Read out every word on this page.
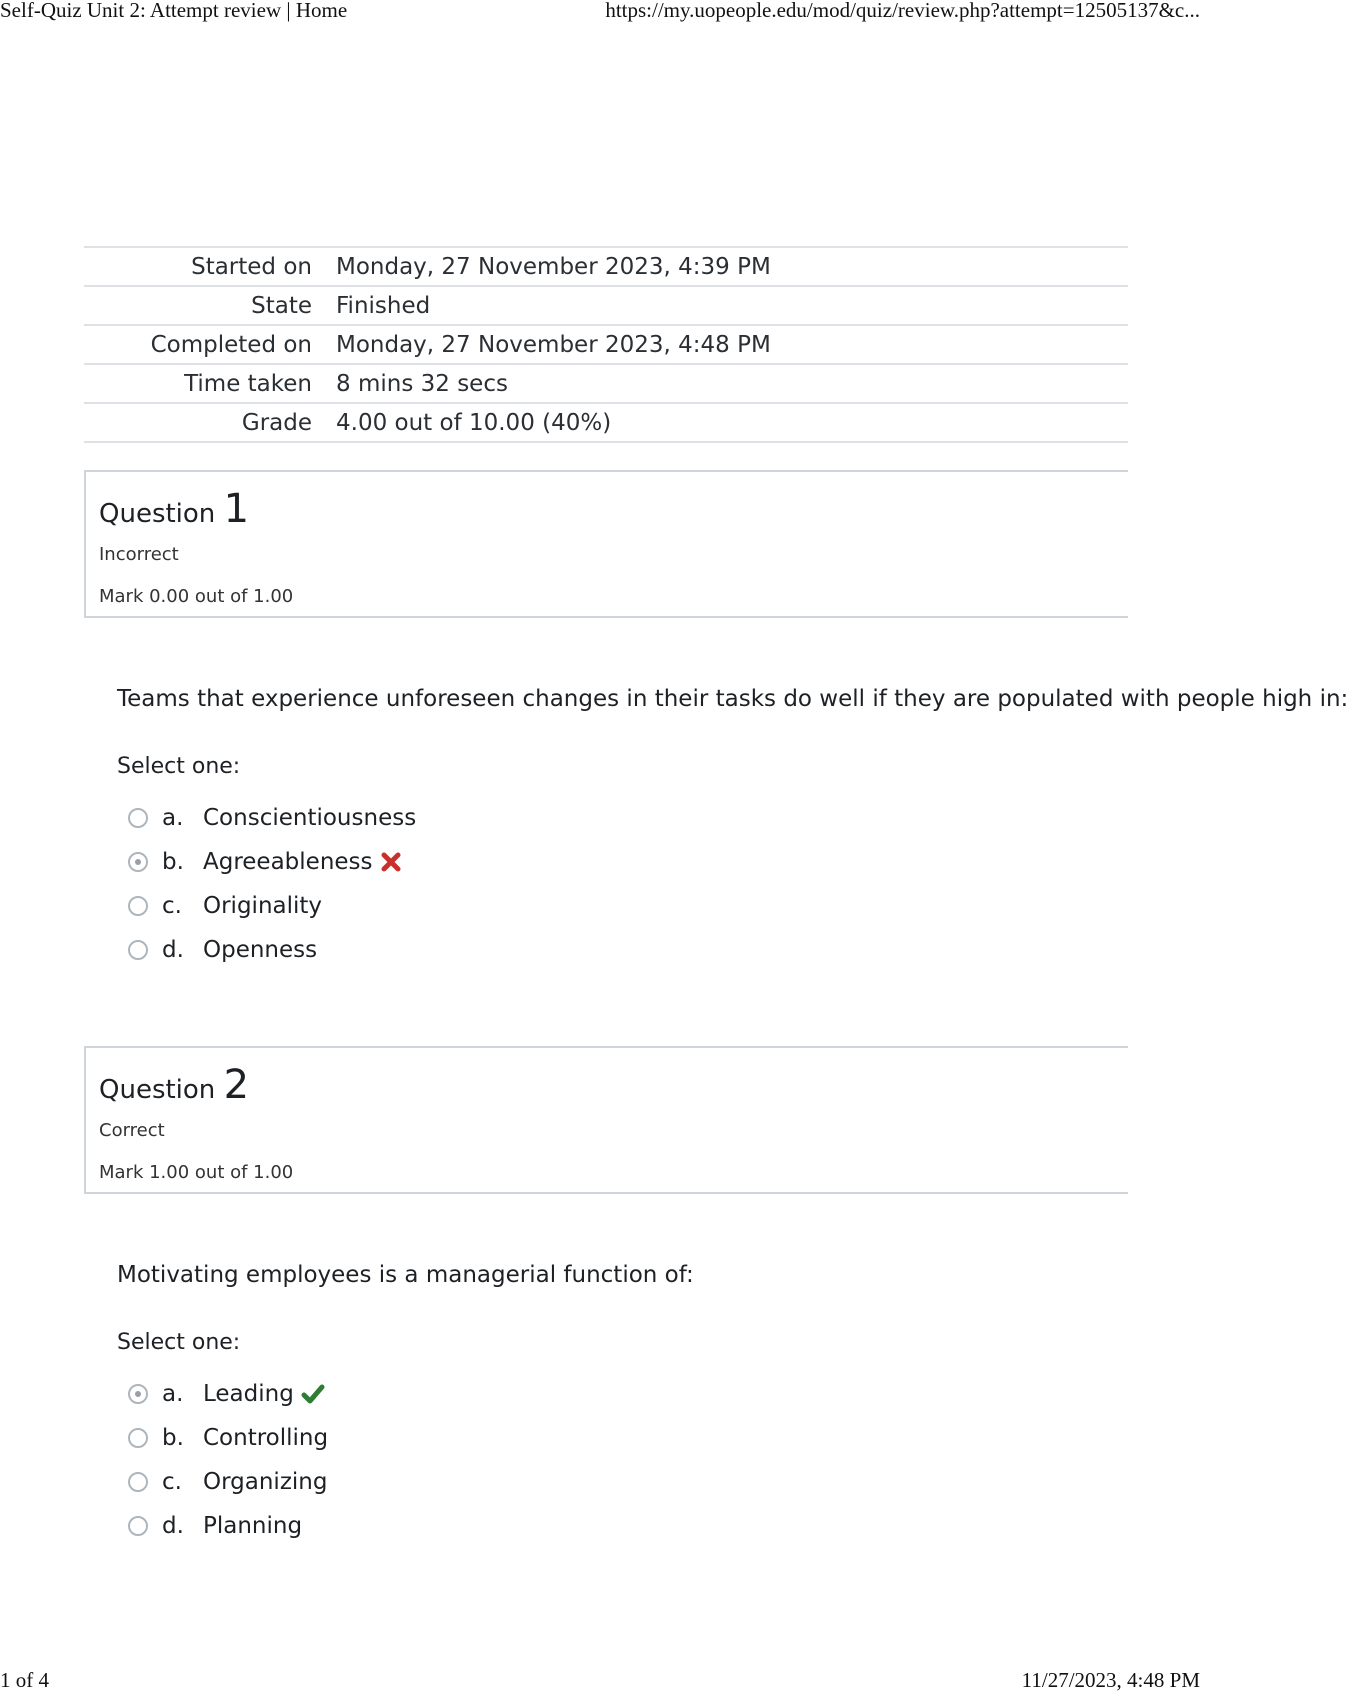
Self-Quiz Unit 2: Attempt review | Home	https://my.uopeople.edu/mod/quiz/review.php?attempt=12505137&c...
Started on	Monday, 27 November 2023, 4:39 PM
State	Finished
Completed on	Monday, 27 November 2023, 4:48 PM
Time taken	8 mins 32 secs
Grade	4.00 out of 10.00 (40%)
Question 1
Incorrect
Mark 0.00 out of 1.00
Teams that experience unforeseen changes in their tasks do well if they are populated with people high in:
Select one:
a. Conscientiousness
b. Agreeableness
c. Originality
d. Openness
Question 2
Correct
Mark 1.00 out of 1.00
Motivating employees is a managerial function of:
Select one:
a. Leading
b. Controlling
c. Organizing
d. Planning
1 of 4	11/27/2023, 4:48 PM
